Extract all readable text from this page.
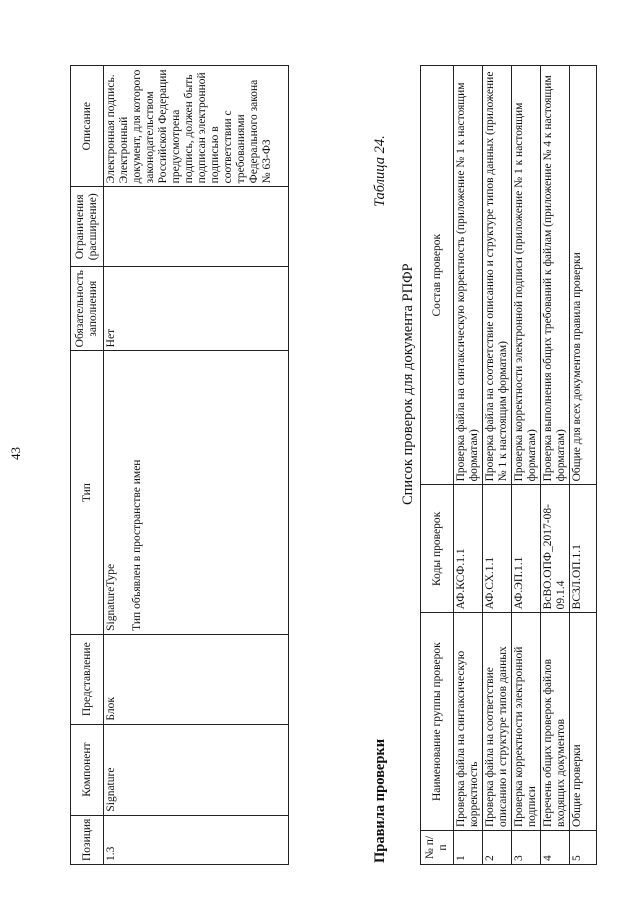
43
Позиция	Компонент	Представление	Тип	Обязательность заполнения	Ограничения (расширение)	Описание
1.3	Signature	Блок	SignatureType Тип объявлен в пространстве имен	Нет		Электронная подпись. Электронный документ, для которого законодательством Российской Федерации предусмотрена подпись, должен быть подписан электронной подписью в соответствии с требованиями Федерального закона № 63-ФЗ
Правила проверки
Таблица 24.
Список проверок для документа РПФР
№ п/п	Наименование группы проверок	Коды проверок	Состав проверок
1	Проверка файла на синтаксическую корректность	АФ.КСФ.1.1	Проверка файла на синтаксическую корректность (приложение № 1 к настоящим форматам)
2	Проверка файла на соответствие описанию и структуре типов данных	АФ.СХ.1.1	Проверка файла на соответствие описанию и структуре типов данных (приложение № 1 к настоящим форматам)
3	Проверка корректности электронной подписи	АФ.ЭП.1.1	Проверка корректности электронной подписи (приложение № 1 к настоящим форматам)
4	Перечень общих проверок файлов входящих документов	ВсВО.ОПФ_2017-08-09.1.4	Проверка выполнения общих требований к файлам (приложение № 4 к настоящим форматам)
5	Общие проверки	ВСЗЛ.ОП.1.1	Общие для всех документов правила проверки
